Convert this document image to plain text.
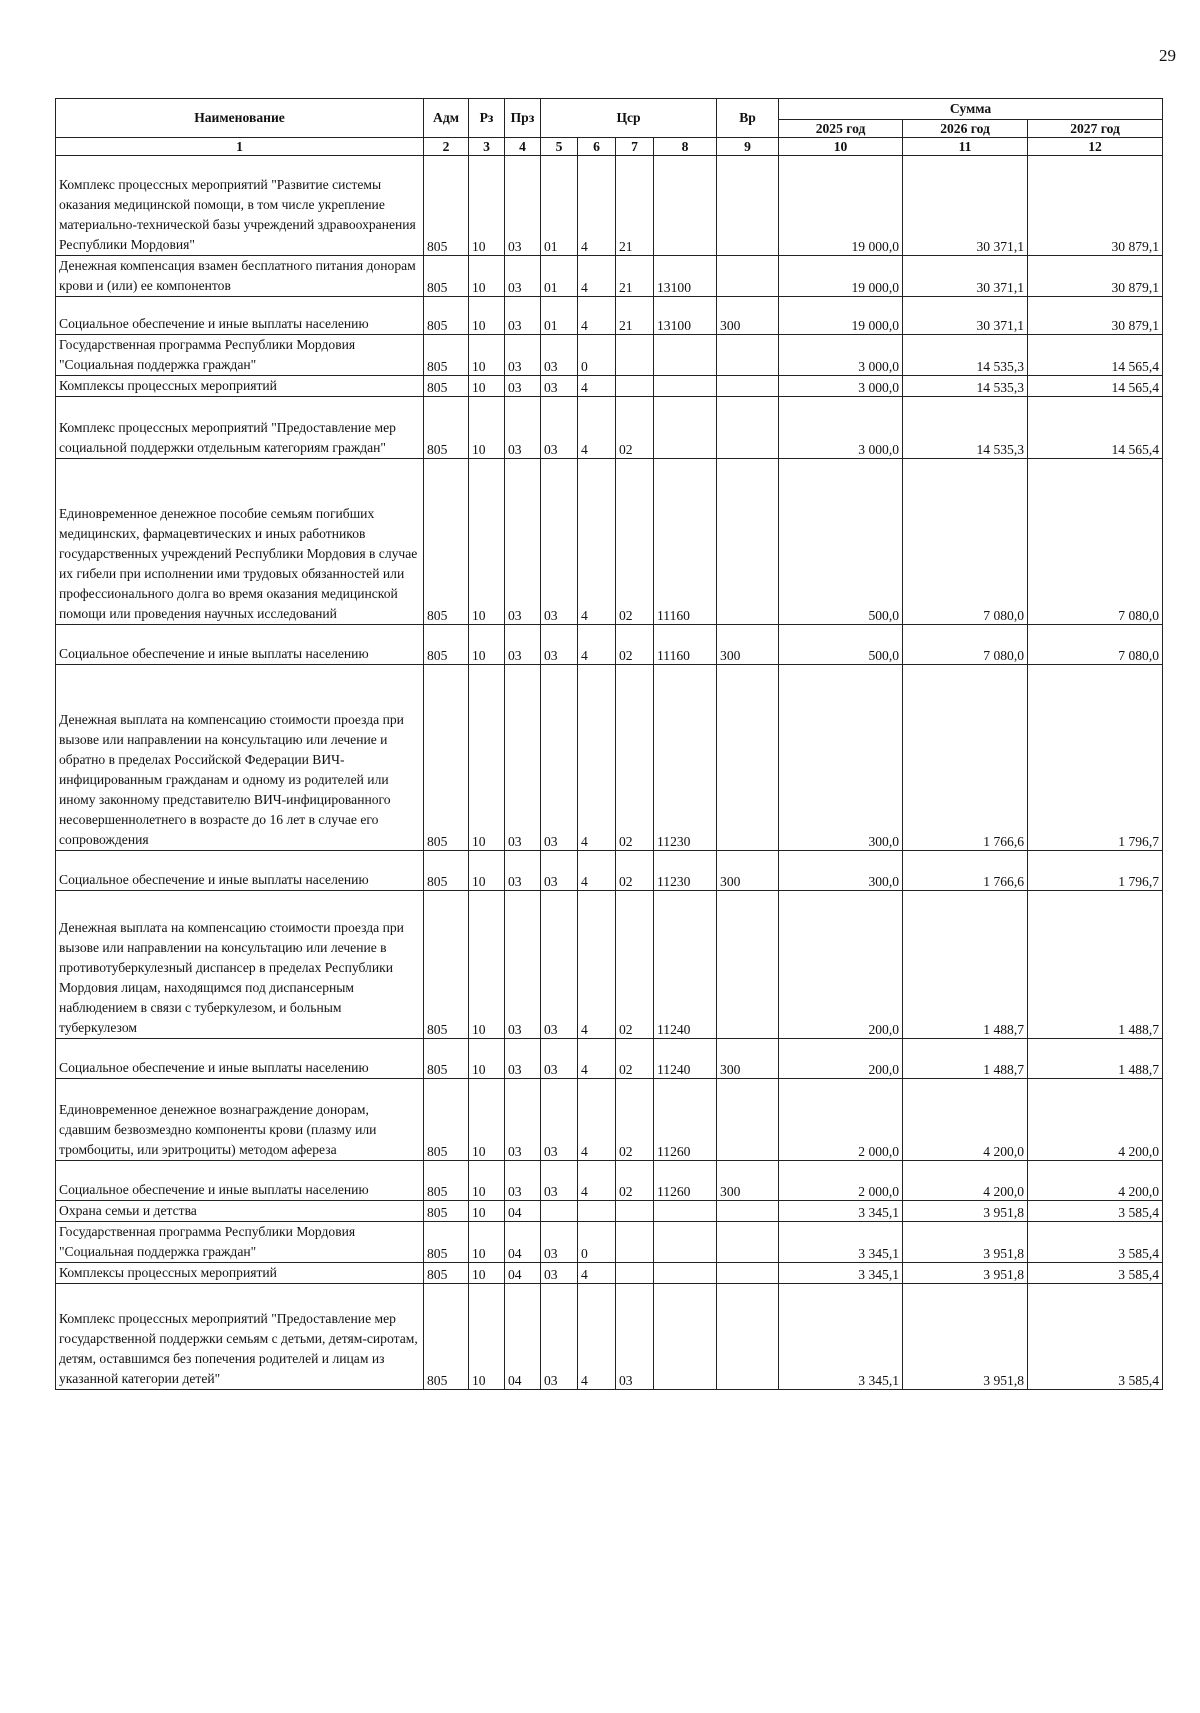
29
Наименование	Адм	Рз	Прз	Цср				Вр	Сумма		
									2025 год	2026 год	2027 год
1	2	3	4	5	6	7	8	9	10	11	12
Комплекс процессных мероприятий "Развитие системы оказания медицинской помощи, в том числе укрепление материально-технической базы учреждений здравоохранения Республики Мордовия"	805	10	03	01	4	21			19 000,0	30 371,1	30 879,1
Денежная компенсация взамен бесплатного питания донорам крови и (или) ее компонентов	805	10	03	01	4	21	13100		19 000,0	30 371,1	30 879,1
Социальное обеспечение и иные выплаты населению	805	10	03	01	4	21	13100	300	19 000,0	30 371,1	30 879,1
Государственная программа Республики Мордовия "Социальная поддержка граждан"	805	10	03	03	0				3 000,0	14 535,3	14 565,4
Комплексы процессных мероприятий	805	10	03	03	4				3 000,0	14 535,3	14 565,4
Комплекс процессных мероприятий "Предоставление мер социальной поддержки отдельным категориям граждан"	805	10	03	03	4	02			3 000,0	14 535,3	14 565,4
Единовременное денежное пособие семьям погибших медицинских, фармацевтических и иных работников государственных учреждений Республики Мордовия в случае их гибели при исполнении ими трудовых обязанностей или профессионального долга во время оказания медицинской помощи или проведения научных исследований	805	10	03	03	4	02	11160		500,0	7 080,0	7 080,0
Социальное обеспечение и иные выплаты населению	805	10	03	03	4	02	11160	300	500,0	7 080,0	7 080,0
Денежная выплата на компенсацию стоимости проезда при вызове или направлении на консультацию или лечение и обратно в пределах Российской Федерации ВИЧ-инфицированным гражданам и одному из родителей или иному законному представителю ВИЧ-инфицированного несовершеннолетнего в возрасте до 16 лет в случае его сопровождения	805	10	03	03	4	02	11230		300,0	1 766,6	1 796,7
Социальное обеспечение и иные выплаты населению	805	10	03	03	4	02	11230	300	300,0	1 766,6	1 796,7
Денежная выплата на компенсацию стоимости проезда при вызове или направлении на консультацию или лечение в противотуберкулезный диспансер в пределах Республики Мордовия лицам, находящимся под диспансерным наблюдением в связи с туберкулезом, и больным туберкулезом	805	10	03	03	4	02	11240		200,0	1 488,7	1 488,7
Социальное обеспечение и иные выплаты населению	805	10	03	03	4	02	11240	300	200,0	1 488,7	1 488,7
Единовременное денежное вознаграждение донорам, сдавшим безвозмездно компоненты крови (плазму или тромбоциты, или эритроциты) методом афереза	805	10	03	03	4	02	11260		2 000,0	4 200,0	4 200,0
Социальное обеспечение и иные выплаты населению	805	10	03	03	4	02	11260	300	2 000,0	4 200,0	4 200,0
Охрана семьи и детства	805	10	04						3 345,1	3 951,8	3 585,4
Государственная программа Республики Мордовия "Социальная поддержка граждан"	805	10	04	03	0				3 345,1	3 951,8	3 585,4
Комплексы процессных мероприятий	805	10	04	03	4				3 345,1	3 951,8	3 585,4
Комплекс процессных мероприятий "Предоставление мер государственной поддержки семьям с детьми, детям-сиротам, детям, оставшимся без попечения родителей и лицам из указанной категории детей"	805	10	04	03	4	03			3 345,1	3 951,8	3 585,4
